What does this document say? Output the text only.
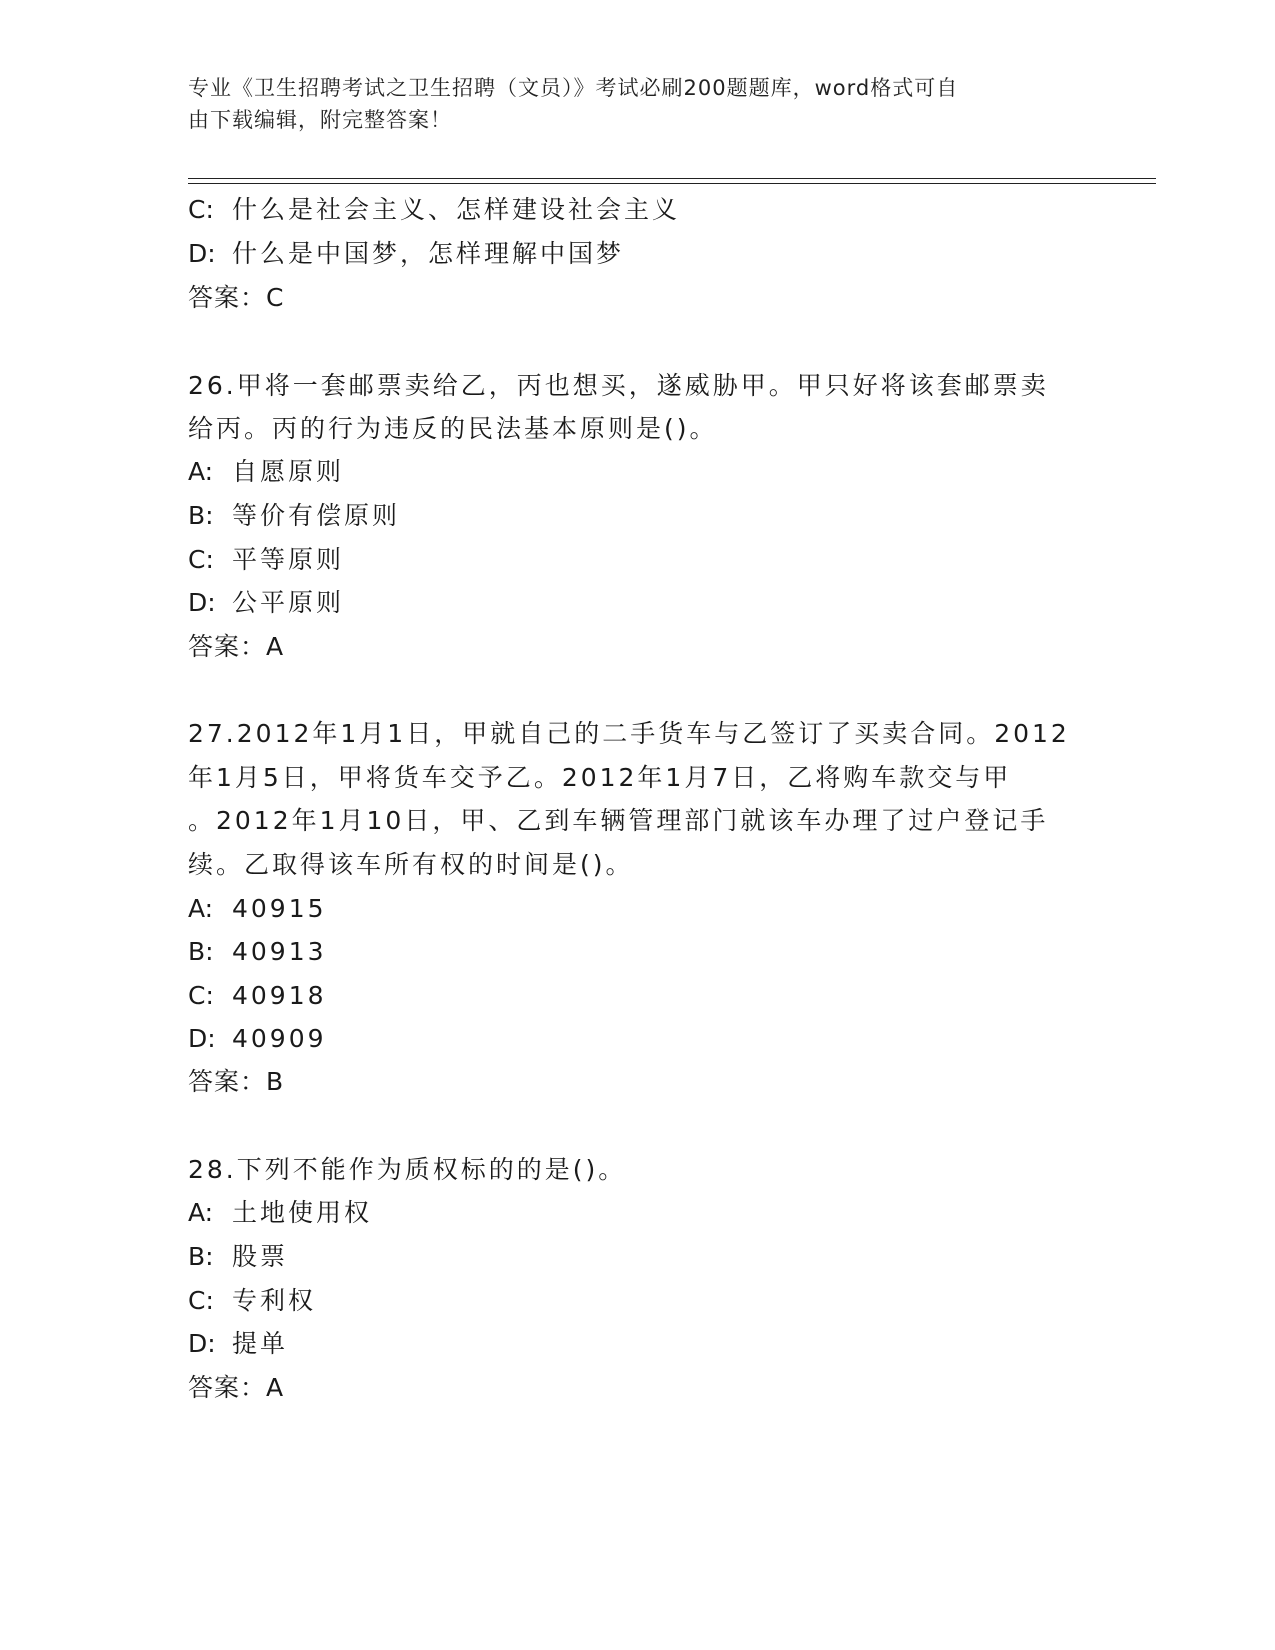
专业《卫生招聘考试之卫生招聘（文员）》考试必刷200题题库，word格式可自
由下载编辑，附完整答案！
C: 什么是社会主义、怎样建设社会主义
D: 什么是中国梦，怎样理解中国梦
答案：C
26.甲将一套邮票卖给乙，丙也想买，遂威胁甲。甲只好将该套邮票卖
给丙。丙的行为违反的民法基本原则是()。
A: 自愿原则
B: 等价有偿原则
C: 平等原则
D: 公平原则
答案：A
27.2012年1月1日，甲就自己的二手货车与乙签订了买卖合同。2012
年1月5日，甲将货车交予乙。2012年1月7日，乙将购车款交与甲
。2012年1月10日，甲、乙到车辆管理部门就该车办理了过户登记手
续。乙取得该车所有权的时间是()。
A: 40915
B: 40913
C: 40918
D: 40909
答案：B
28.下列不能作为质权标的的是()。
A: 土地使用权
B: 股票
C: 专利权
D: 提单
答案：A
